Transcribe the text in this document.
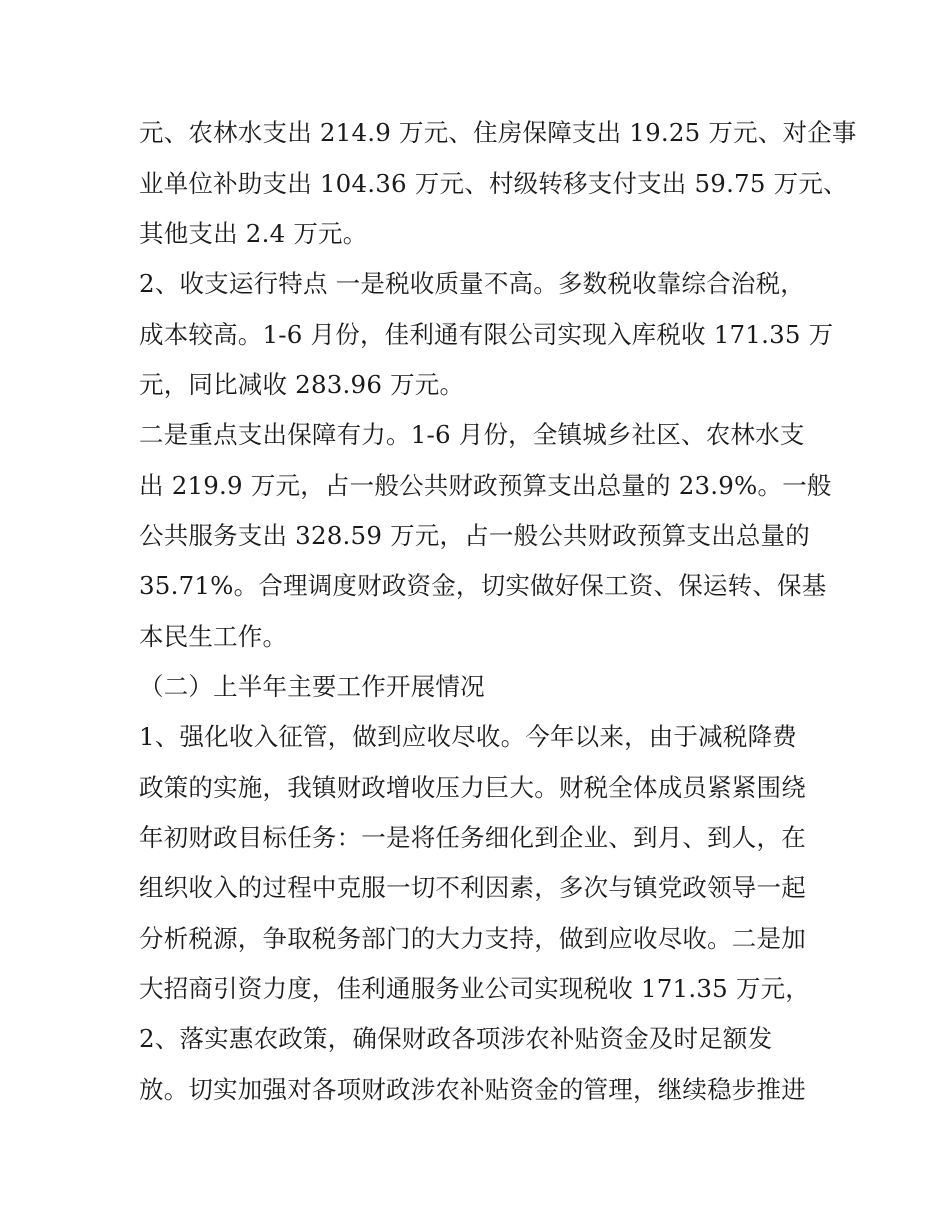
元、农林水支出 214.9 万元、住房保障支出 19.25 万元、对企事
业单位补助支出 104.36 万元、村级转移支付支出 59.75 万元、
其他支出 2.4 万元。
2、收支运行特点 一是税收质量不高。多数税收靠综合治税，
成本较高。1-6 月份，佳利通有限公司实现入库税收 171.35 万
元，同比减收 283.96 万元。
二是重点支出保障有力。1-6 月份，全镇城乡社区、农林水支
出 219.9 万元，占一般公共财政预算支出总量的 23.9%。一般
公共服务支出 328.59 万元，占一般公共财政预算支出总量的
35.71%。合理调度财政资金，切实做好保工资、保运转、保基
本民生工作。
（二）上半年主要工作开展情况
1、强化收入征管，做到应收尽收。今年以来，由于减税降费
政策的实施，我镇财政增收压力巨大。财税全体成员紧紧围绕
年初财政目标任务：一是将任务细化到企业、到月、到人，在
组织收入的过程中克服一切不利因素，多次与镇党政领导一起
分析税源，争取税务部门的大力支持，做到应收尽收。二是加
大招商引资力度，佳利通服务业公司实现税收 171.35 万元，
2、落实惠农政策，确保财政各项涉农补贴资金及时足额发
放。切实加强对各项财政涉农补贴资金的管理，继续稳步推进
